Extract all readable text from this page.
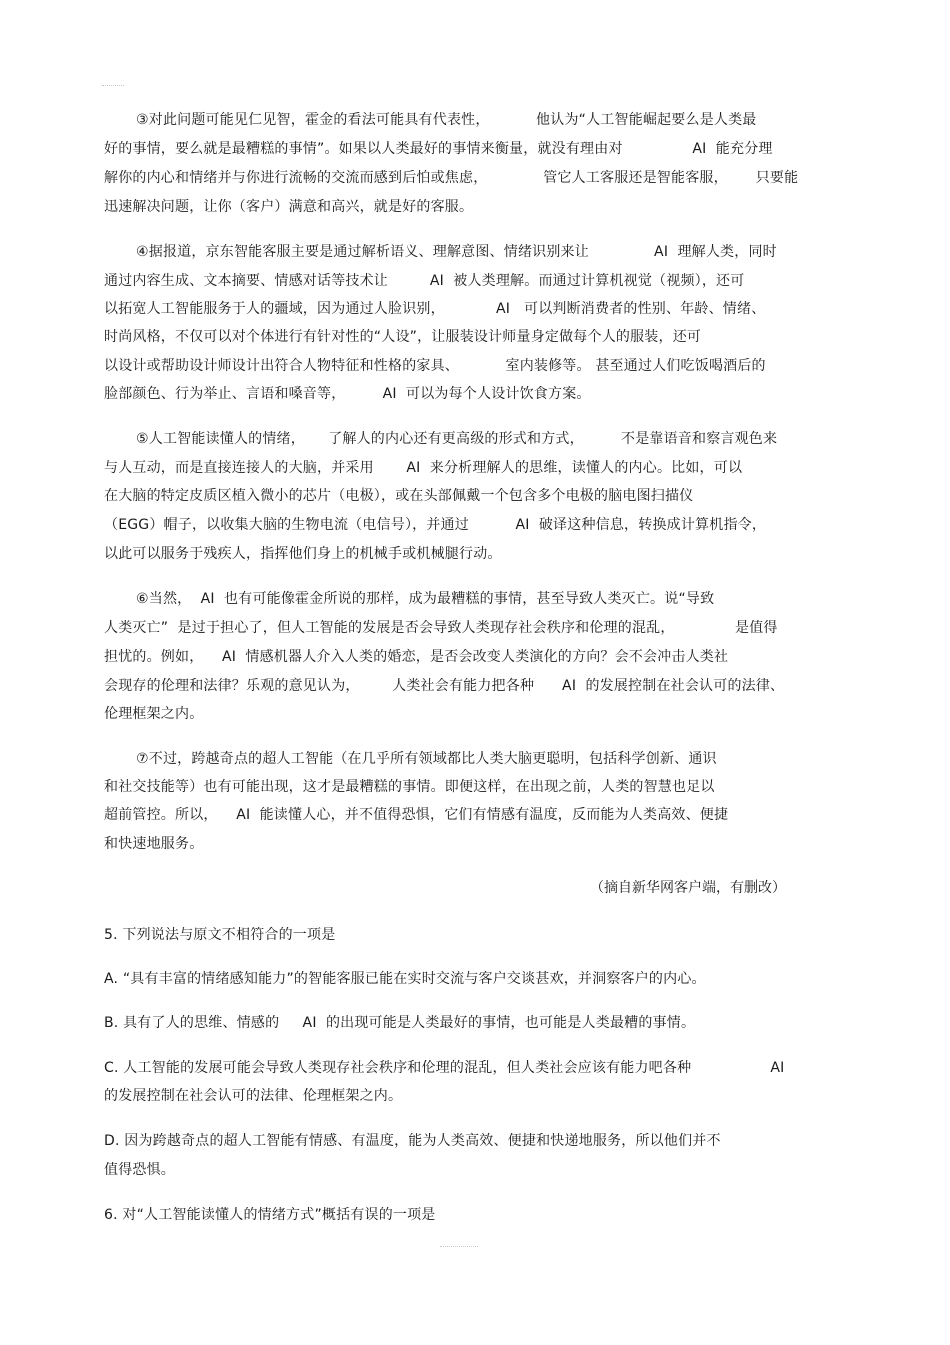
③对此问题可能见仁见智，霍金的看法可能具有代表性，          他认为“人工智能崛起要么是人类最
好的事情，要么就是最糟糕的事情”。如果以人类最好的事情来衡量，就没有理由对               AI  能充分理
解你的内心和情绪并与你进行流畅的交流而感到后怕或焦虑，            管它人工客服还是智能客服，      只要能
迅速解决问题，让你（客户）满意和高兴，就是好的客服。
④据报道，京东智能客服主要是通过解析语义、理解意图、情绪识别来让              AI  理解人类，同时
通过内容生成、文本摘要、情感对话等技术让         AI  被人类理解。而通过计算机视觉（视频），还可
以拓宽人工智能服务于人的疆域，因为通过人脸识别，           AI   可以判断消费者的性别、年龄、情绪、
时尚风格，不仅可以对个体进行有针对性的“人设”，让服装设计师量身定做每个人的服装，还可
以设计或帮助设计师设计出符合人物特征和性格的家具、          室内装修等。 甚至通过人们吃饭喝酒后的
脸部颜色、行为举止、言语和嗓音等，        AI  可以为每个人设计饮食方案。
⑤人工智能读懂人的情绪，     了解人的内心还有更高级的形式和方式，        不是靠语音和察言观色来
与人互动，而是直接连接人的大脑，并采用       AI  来分析理解人的思维，读懂人的内心。比如，可以
在大脑的特定皮质区植入微小的芯片（电极），或在头部佩戴一个包含多个电极的脑电图扫描仪
（EGG）帽子，以收集大脑的生物电流（电信号），并通过          AI  破译这种信息，转换成计算机指令，
以此可以服务于残疾人，指挥他们身上的机械手或机械腿行动。
⑥当然，  AI  也有可能像霍金所说的那样，成为最糟糕的事情，甚至导致人类灭亡。说“导致
人类灭亡”  是过于担心了，但人工智能的发展是否会导致人类现存社会秩序和伦理的混乱，             是值得
担忧的。例如，    AI  情感机器人介入人类的婚恋，是否会改变人类演化的方向？会不会冲击人类社
会现存的伦理和法律？乐观的意见认为，       人类社会有能力把各种      AI  的发展控制在社会认可的法律、
伦理框架之内。
⑦不过，跨越奇点的超人工智能（在几乎所有领域都比人类大脑更聪明，包括科学创新、通识
和社交技能等）也有可能出现，这才是最糟糕的事情。即便这样，在出现之前，人类的智慧也足以
超前管控。所以，    AI  能读懂人心，并不值得恐惧，它们有情感有温度，反而能为人类高效、便捷
和快速地服务。
（摘自新华网客户端，有删改）
5. 下列说法与原文不相符合的一项是
A. “具有丰富的情绪感知能力”的智能客服已能在实时交流与客户交谈甚欢，并洞察客户的内心。
B. 具有了人的思维、情感的     AI  的出现可能是人类最好的事情，也可能是人类最糟的事情。
C. 人工智能的发展可能会导致人类现存社会秩序和伦理的混乱，但人类社会应该有能力吧各种                 AI
的发展控制在社会认可的法律、伦理框架之内。
D. 因为跨越奇点的超人工智能有情感、有温度，能为人类高效、便捷和快递地服务，所以他们并不
值得恐惧。
6. 对“人工智能读懂人的情绪方式”概括有误的一项是
